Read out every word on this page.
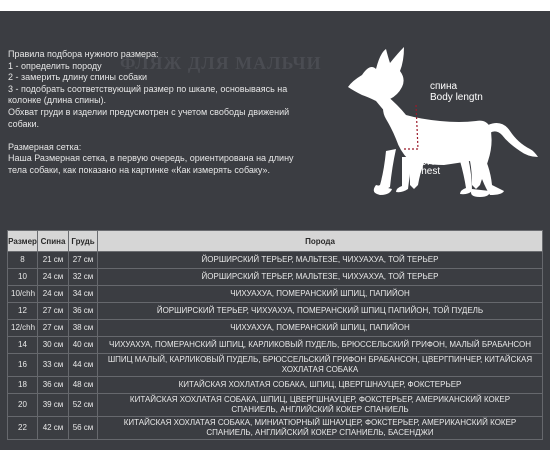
ФЛЯЖ ДЛЯ МАЛЬЧИ
Правила подбора нужного размера:
1 - определить породу
2 - замерить длину спины собаки
3 - подобрать соответствующий размер по шкале, основываясь на колонке (длина спины).
Обхват груди в изделии предусмотрен с учетом свободы движений собаки.
Размерная сетка:
Наша Размерная сетка, в первую очередь, ориентирована на длину тела собаки, как показано на картинке «Как измерять собаку».
спина
Body lengtn
грудь
Chest
Размер	Спина	Грудь	Порода
8	21 см	27 см	ЙОРШИРСКИЙ ТЕРЬЕР, МАЛЬТЕЗЕ, ЧИХУАХУА, ТОЙ ТЕРЬЕР
10	24 см	32 см	ЙОРШИРСКИЙ ТЕРЬЕР, МАЛЬТЕЗЕ, ЧИХУАХУА, ТОЙ ТЕРЬЕР
10/chh	24 см	34 см	ЧИХУАХУА, ПОМЕРАНСКИЙ ШПИЦ, ПАПИЙОН
12	27 см	36 см	ЙОРШИРСКИЙ ТЕРЬЕР, ЧИХУАХУА, ПОМЕРАНСКИЙ ШПИЦ ПАПИЙОН, ТОЙ ПУДЕЛЬ
12/chh	27 см	38 см	ЧИХУАХУА, ПОМЕРАНСКИЙ ШПИЦ, ПАПИЙОН
14	30 см	40 см	ЧИХУАХУА, ПОМЕРАНСКИЙ ШПИЦ, КАРЛИКОВЫЙ ПУДЕЛЬ, БРЮССЕЛЬСКИЙ ГРИФОН, МАЛЫЙ БРАБАНСОН
16	33 см	44 см	ШПИЦ МАЛЫЙ, КАРЛИКОВЫЙ ПУДЕЛЬ, БРЮССЕЛЬСКИЙ ГРИФОН БРАБАНСОН, ЦВЕРГПИНЧЕР, КИТАЙСКАЯ ХОХЛАТАЯ СОБАКА
18	36 см	48 см	КИТАЙСКАЯ ХОХЛАТАЯ СОБАКА, ШПИЦ, ЦВЕРГШНАУЦЕР, ФОКСТЕРЬЕР
20	39 см	52 см	КИТАЙСКАЯ ХОХЛАТАЯ СОБАКА, ШПИЦ, ЦВЕРГШНАУЦЕР, ФОКСТЕРЬЕР, АМЕРИКАНСКИЙ КОКЕР СПАНИЕЛЬ, АНГЛИЙСКИЙ КОКЕР СПАНИЕЛЬ
22	42 см	56 см	КИТАЙСКАЯ ХОХЛАТАЯ СОБАКА, МИНИАТЮРНЫЙ ШНАУЦЕР, ФОКСТЕРЬЕР, АМЕРИКАНСКИЙ КОКЕР СПАНИЕЛЬ, АНГЛИЙСКИЙ КОКЕР СПАНИЕЛЬ, БАСЕНДЖИ
